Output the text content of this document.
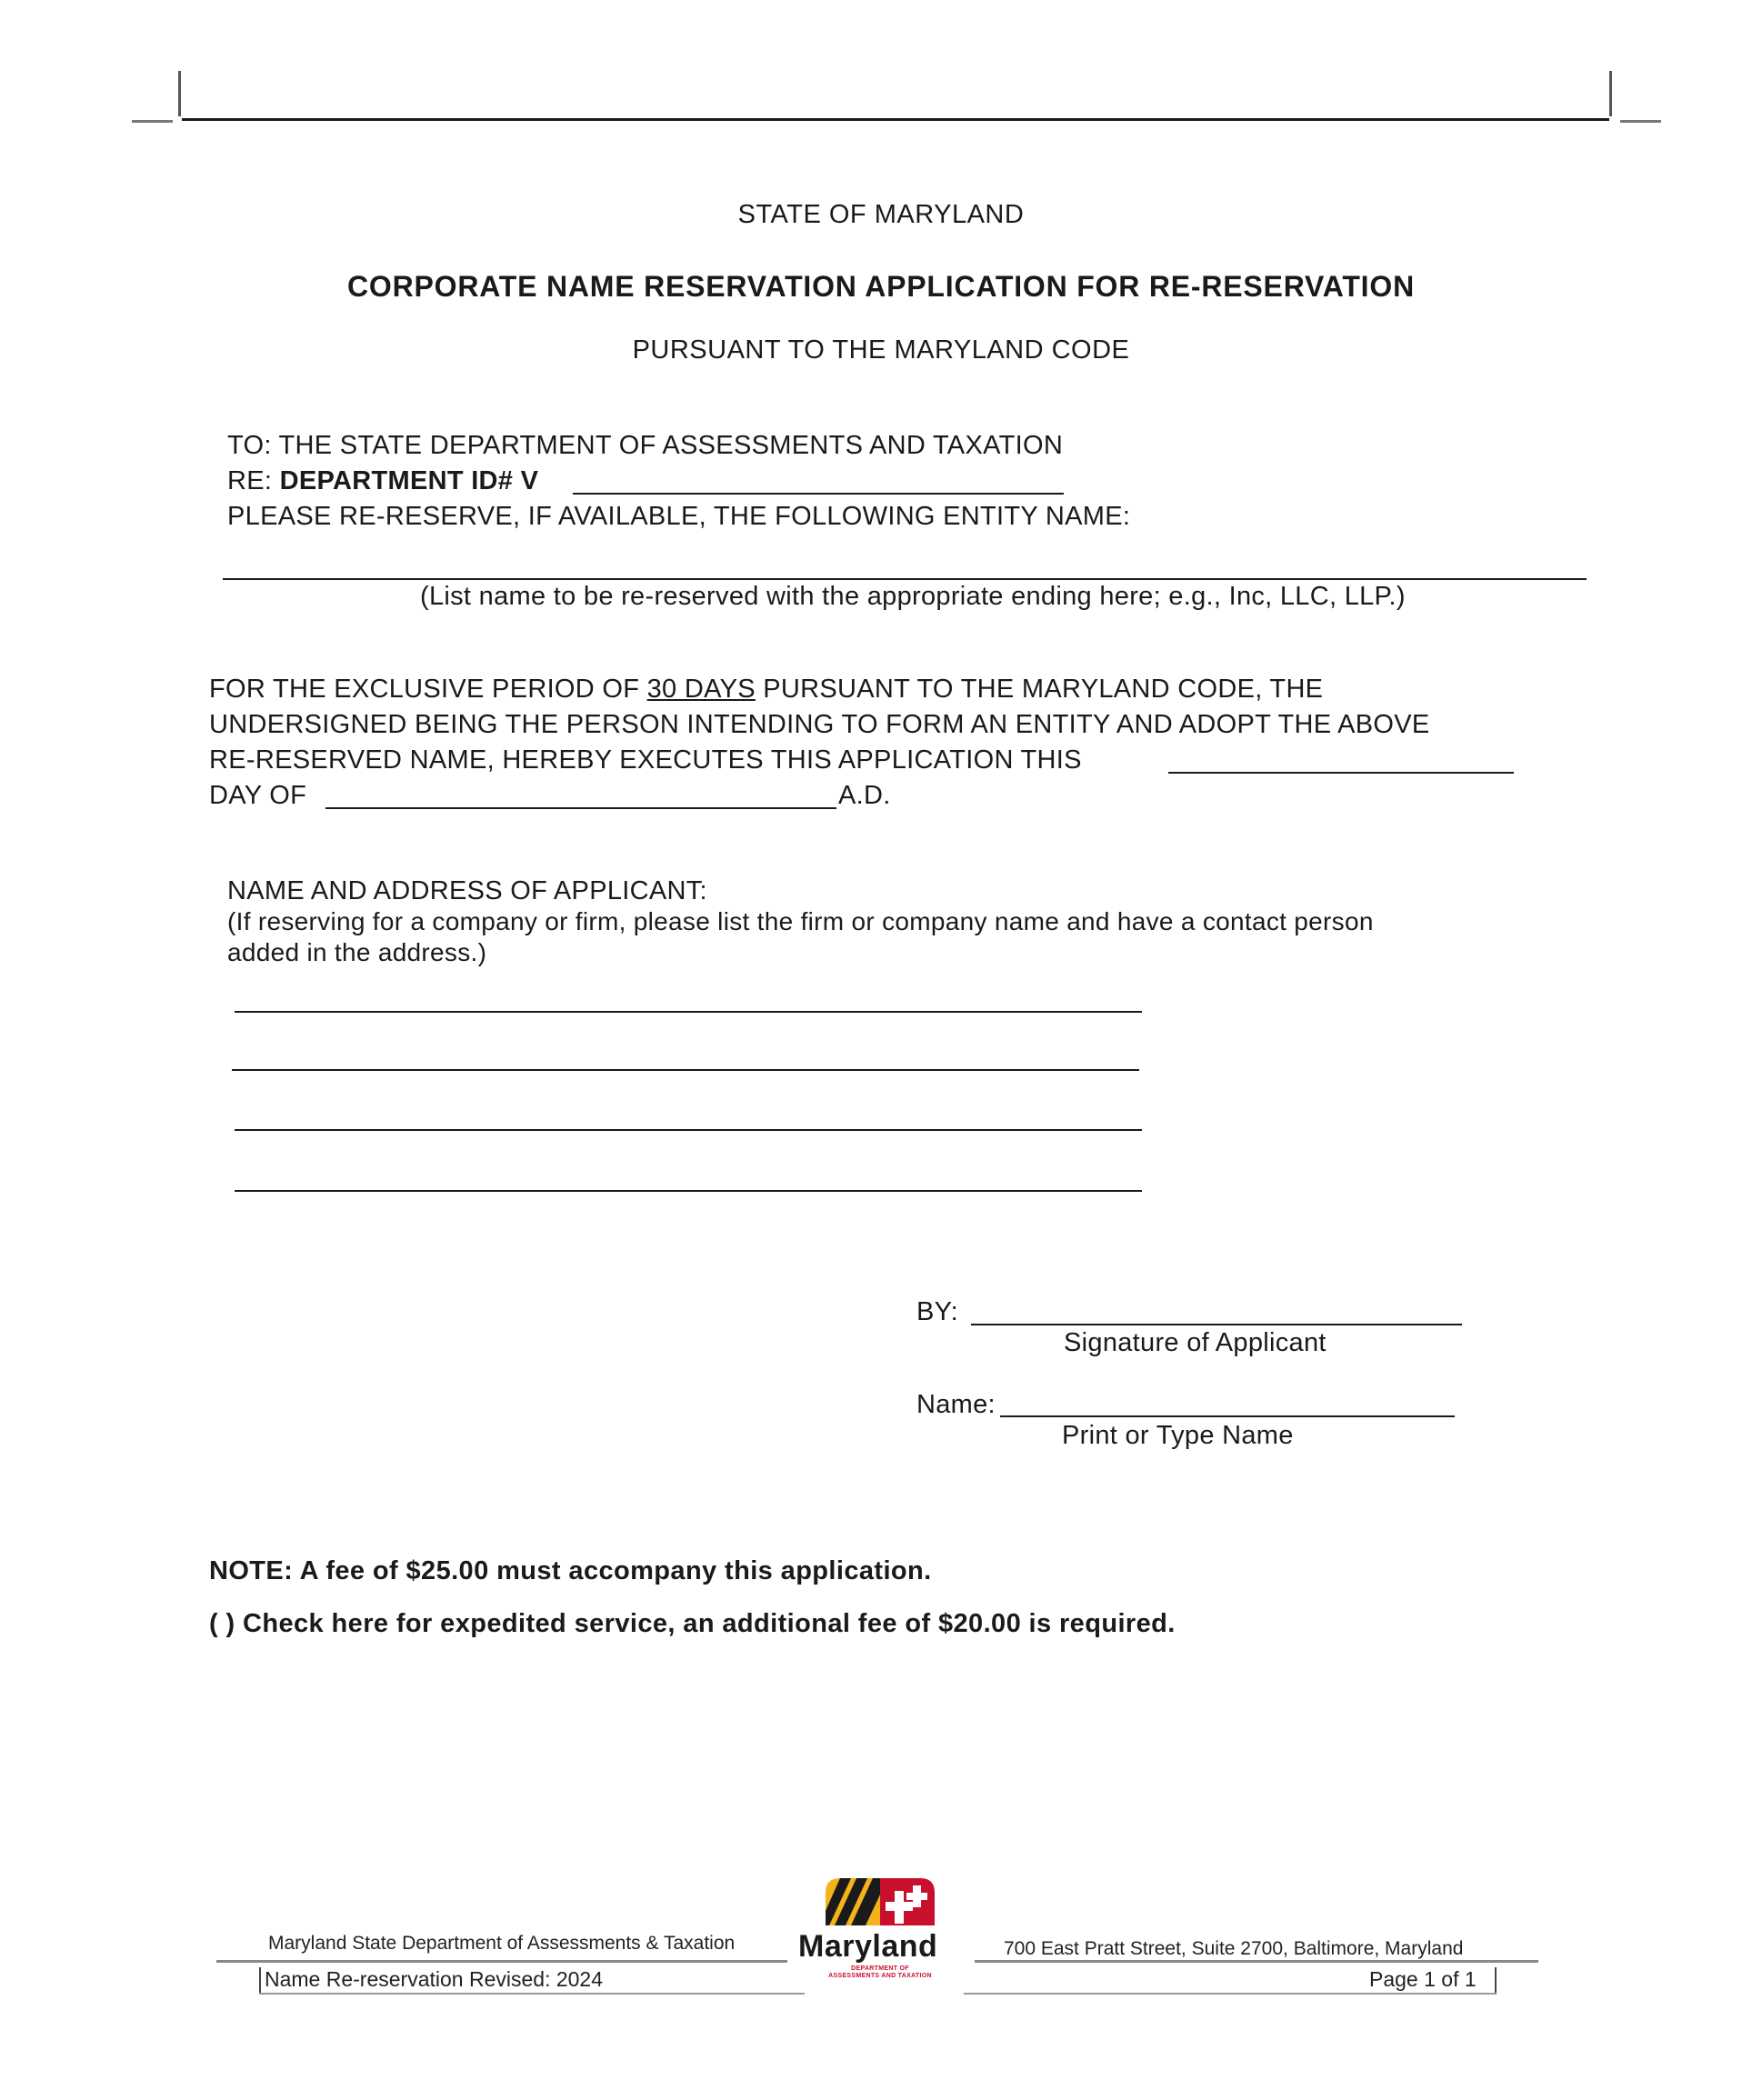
STATE OF MARYLAND
CORPORATE NAME RESERVATION APPLICATION FOR RE-RESERVATION
PURSUANT TO THE MARYLAND CODE
TO: THE STATE DEPARTMENT OF ASSESSMENTS AND TAXATION
RE: DEPARTMENT ID# V
PLEASE RE-RESERVE, IF AVAILABLE, THE FOLLOWING ENTITY NAME:
(List name to be re-reserved with the appropriate ending here; e.g., Inc, LLC, LLP.)
FOR THE EXCLUSIVE PERIOD OF 30 DAYS PURSUANT TO THE MARYLAND CODE, THE
UNDERSIGNED BEING THE PERSON INTENDING TO FORM AN ENTITY AND ADOPT THE ABOVE
RE-RESERVED NAME, HEREBY EXECUTES THIS APPLICATION THIS
DAY OF	A.D.
NAME AND ADDRESS OF APPLICANT:
(If reserving for a company or firm, please list the firm or company name and have a contact person
added in the address.)
BY:
Signature of Applicant
Name:
Print or Type Name
NOTE: A fee of $25.00 must accompany this application.
( ) Check here for expedited service, an additional fee of $20.00 is required.
Maryland State Department of Assessments & Taxation	700 East Pratt Street, Suite 2700, Baltimore, Maryland
Name Re-reservation Revised: 2024	Page 1 of 1
Maryland
DEPARTMENT OF
ASSESSMENTS AND TAXATION
